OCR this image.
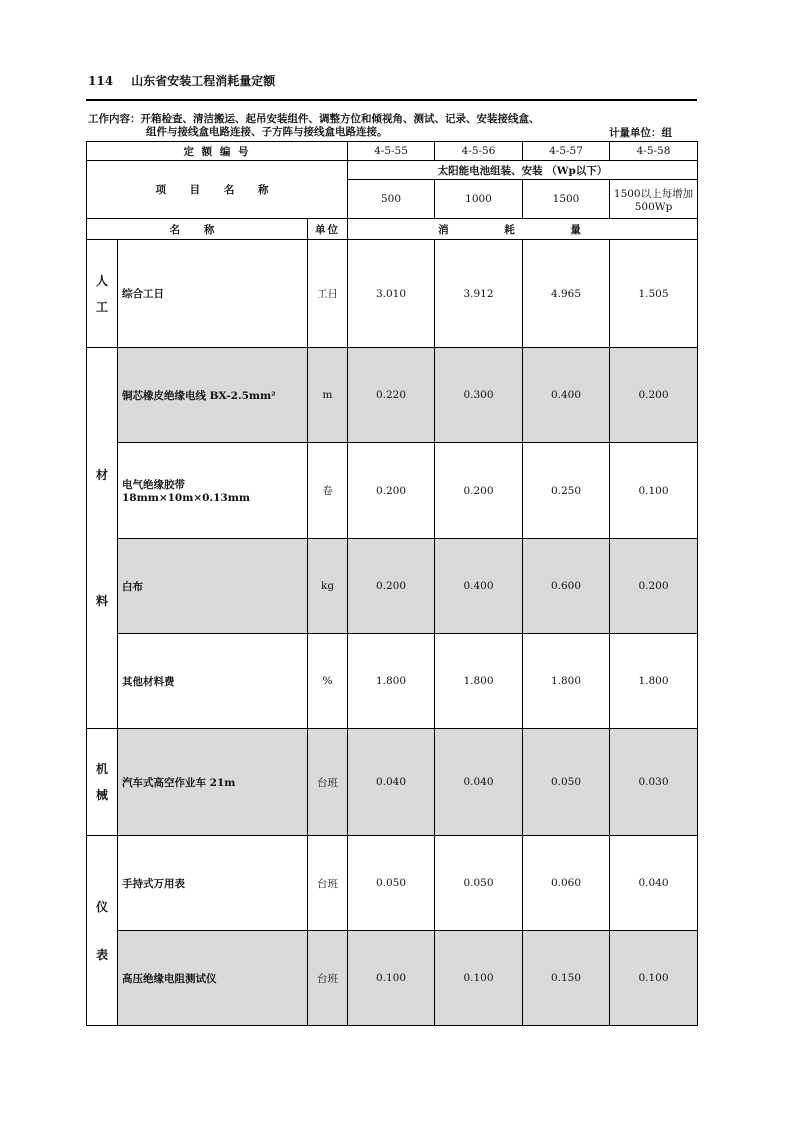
114 山东省安装工程消耗量定额
工作内容：开箱检查、清洁搬运、起吊安装组件、调整方位和倾视角、测试、记录、安装接线盒、
组件与接线盒电路连接、子方阵与接线盒电路连接。	计量单位：组
定 额 编 号			4-5-55	4-5-56	4-5-57	4-5-58
项 目 名 称			太阳能电池组装、安装 （Wp以下）			
			500	1000	1500	1500以上每增加500Wp
名 称		单位	消 耗 量			

人
工	综合工日	工日	3.010	3.912	4.965	1.505

材
料	铜芯橡皮绝缘电线 BX-2.5mm²	m	0.220	0.300	0.400	0.200
	电气绝缘胶带 18mm×10m×0.13mm	卷	0.200	0.200	0.250	0.100
	白布	kg	0.200	0.400	0.600	0.200
	其他材料费	%	1.800	1.800	1.800	1.800

机
械	汽车式高空作业车 21m	台班	0.040	0.040	0.050	0.030

仪
表	手持式万用表	台班	0.050	0.050	0.060	0.040
	高压绝缘电阻测试仪	台班	0.100	0.100	0.150	0.100
